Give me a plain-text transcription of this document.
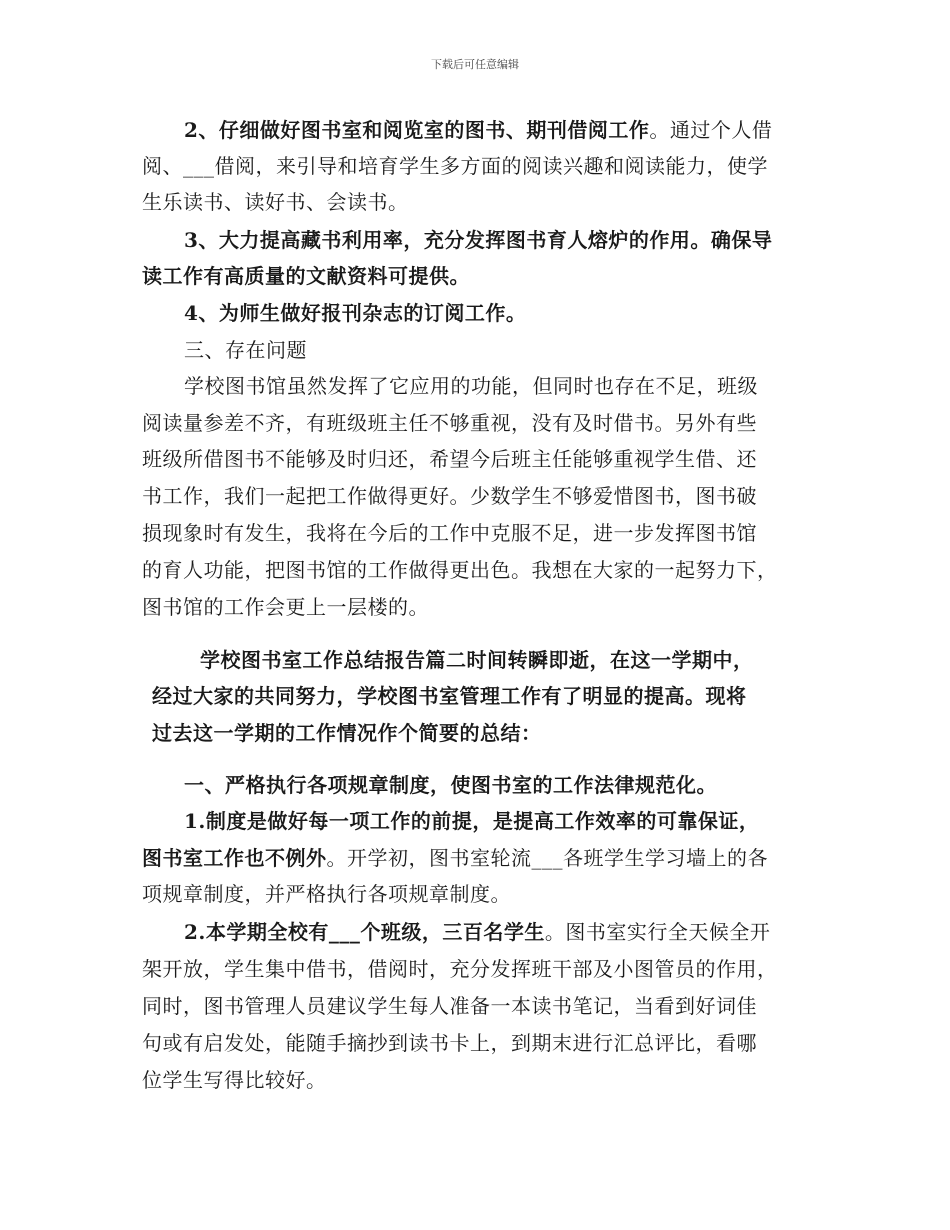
下载后可任意编辑
2、仔细做好图书室和阅览室的图书、期刊借阅工作。通过个人借
阅、___借阅，来引导和培育学生多方面的阅读兴趣和阅读能力，使学
生乐读书、读好书、会读书。
3、大力提高藏书利用率，充分发挥图书育人熔炉的作用。确保导
读工作有高质量的文献资料可提供。
4、为师生做好报刊杂志的订阅工作。
三、存在问题
学校图书馆虽然发挥了它应用的功能，但同时也存在不足，班级
阅读量参差不齐，有班级班主任不够重视，没有及时借书。另外有些
班级所借图书不能够及时归还，希望今后班主任能够重视学生借、还
书工作，我们一起把工作做得更好。少数学生不够爱惜图书，图书破
损现象时有发生，我将在今后的工作中克服不足，进一步发挥图书馆
的育人功能，把图书馆的工作做得更出色。我想在大家的一起努力下，
图书馆的工作会更上一层楼的。
学校图书室工作总结报告篇二时间转瞬即逝，在这一学期中，
经过大家的共同努力，学校图书室管理工作有了明显的提高。现将
过去这一学期的工作情况作个简要的总结：
一、严格执行各项规章制度，使图书室的工作法律规范化。
1.制度是做好每一项工作的前提，是提高工作效率的可靠保证，
图书室工作也不例外。开学初，图书室轮流___各班学生学习墙上的各
项规章制度，并严格执行各项规章制度。
2.本学期全校有___个班级，三百名学生。图书室实行全天候全开
架开放，学生集中借书，借阅时，充分发挥班干部及小图管员的作用，
同时，图书管理人员建议学生每人准备一本读书笔记，当看到好词佳
句或有启发处，能随手摘抄到读书卡上，到期末进行汇总评比，看哪
位学生写得比较好。
